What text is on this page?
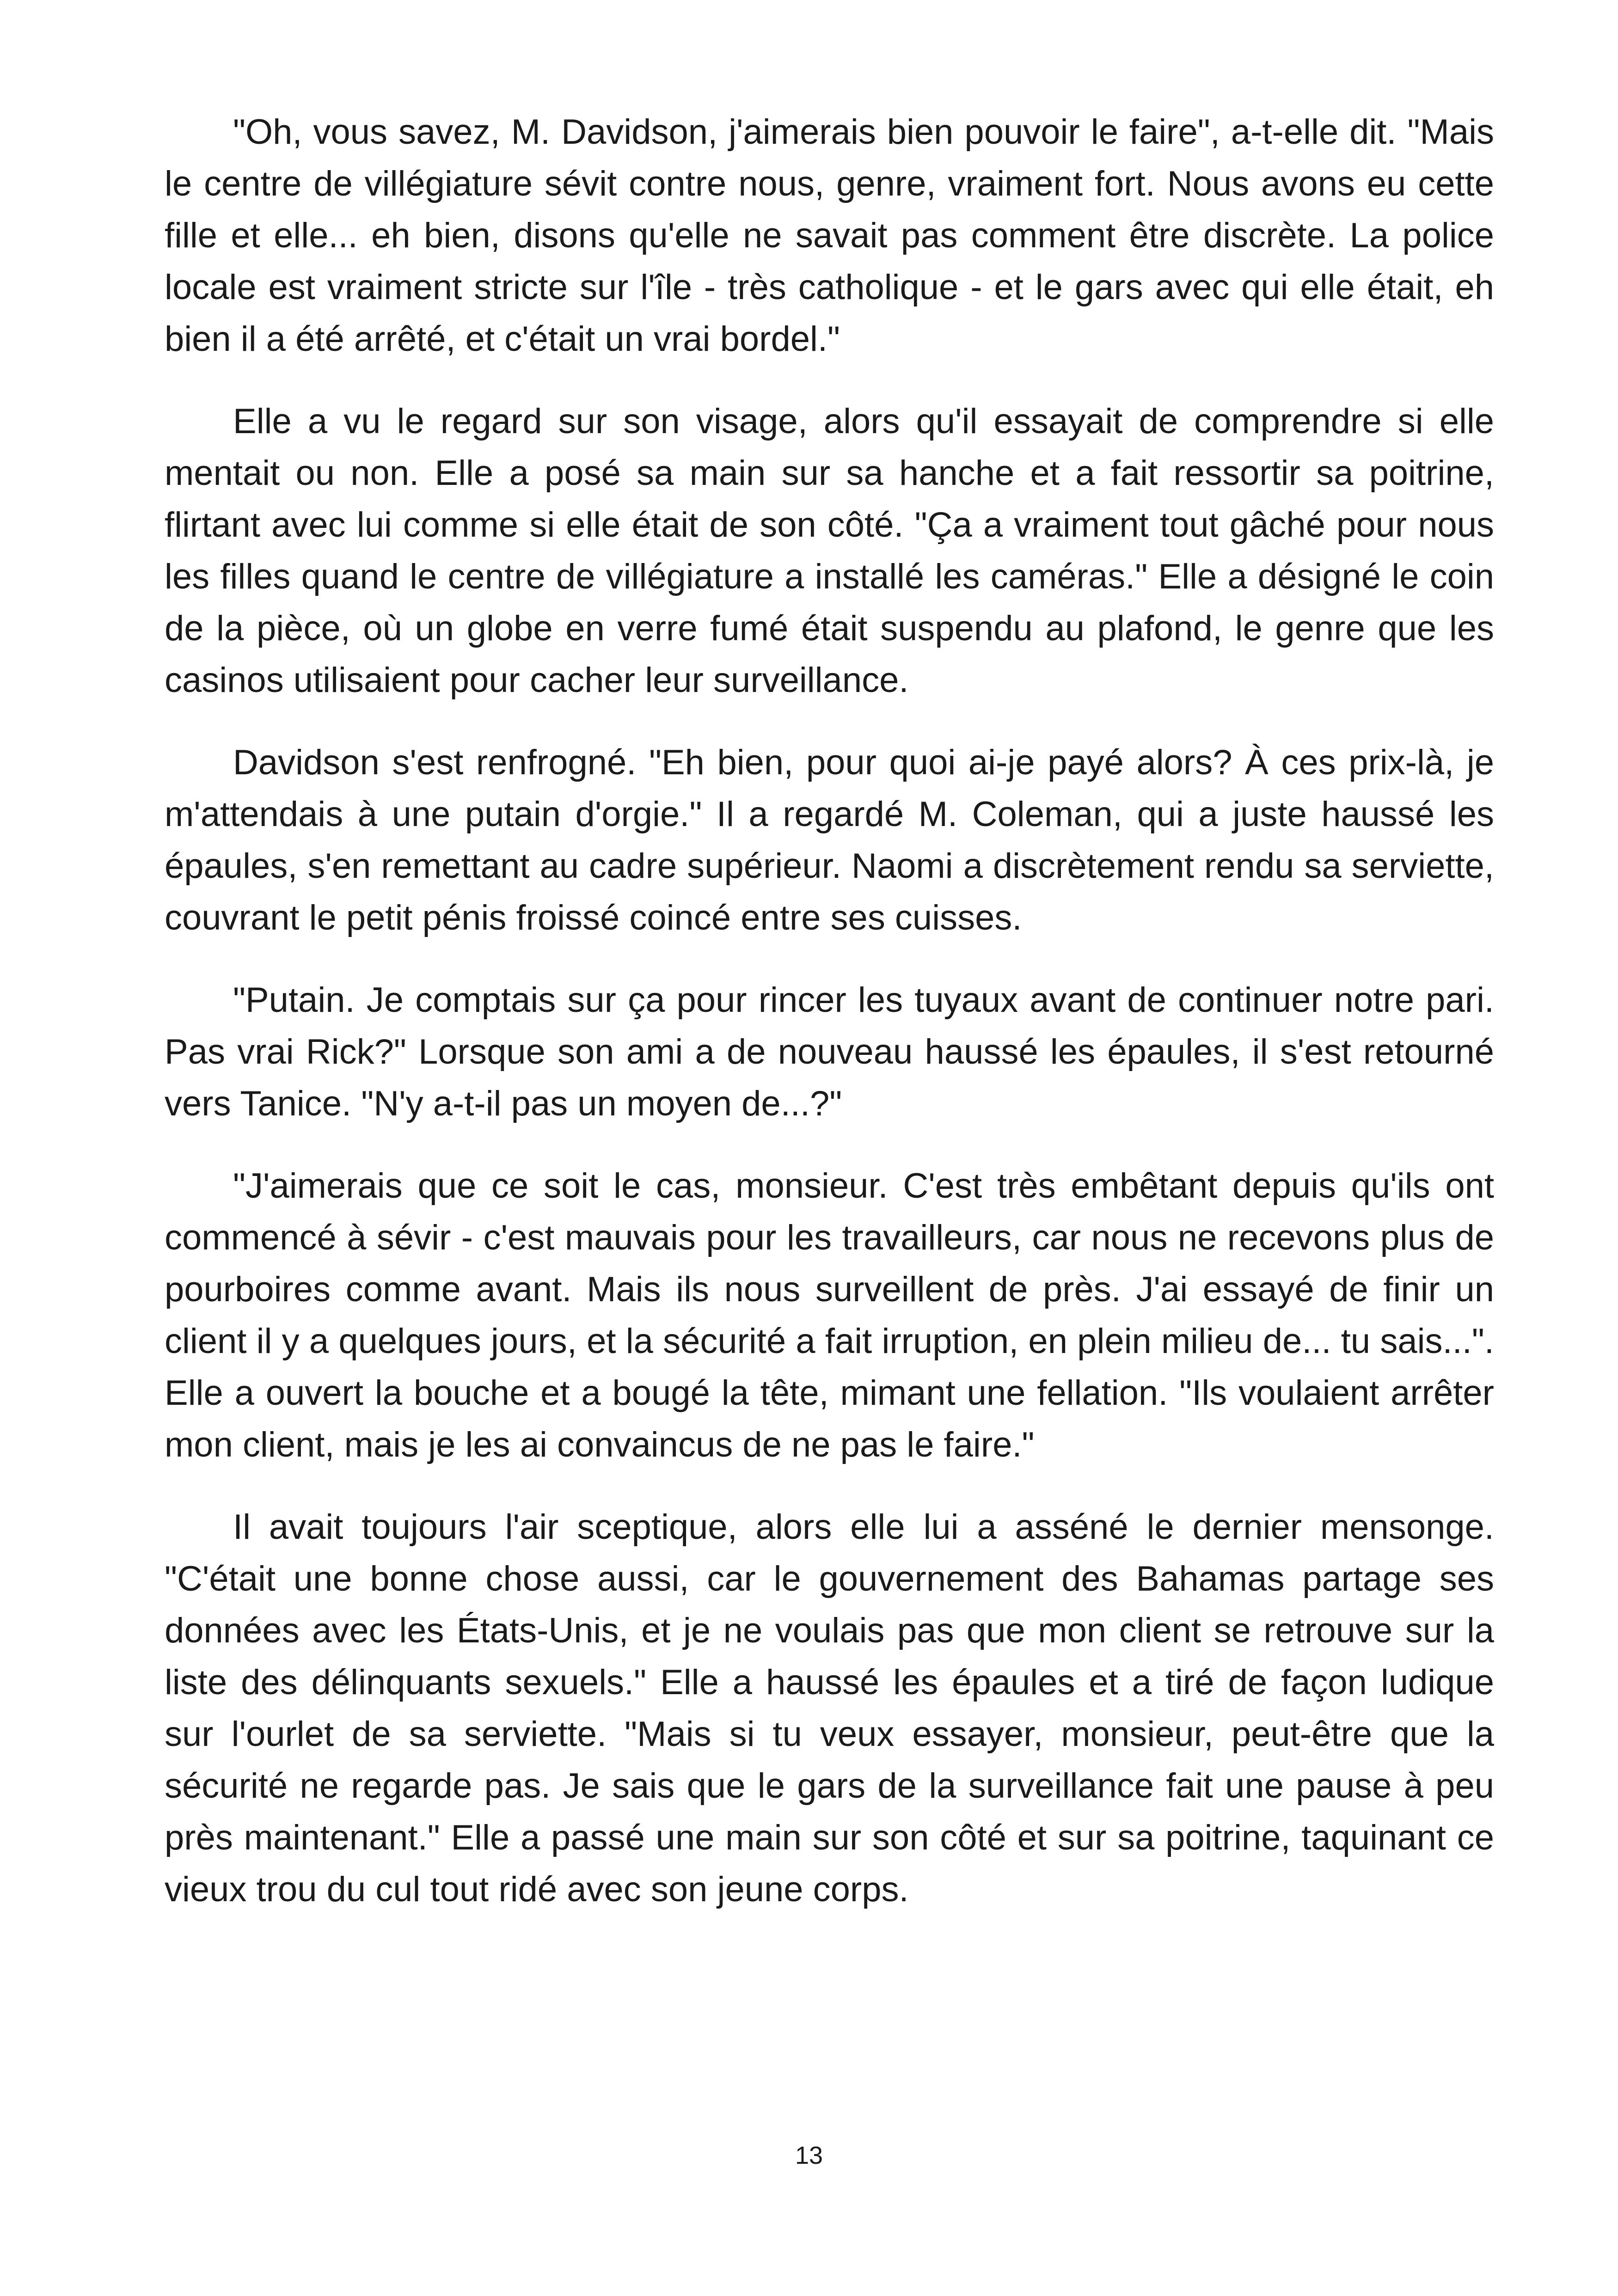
"Oh, vous savez, M. Davidson, j'aimerais bien pouvoir le faire", a-t-elle dit. "Mais le centre de villégiature sévit contre nous, genre, vraiment fort. Nous avons eu cette fille et elle... eh bien, disons qu'elle ne savait pas comment être discrète. La police locale est vraiment stricte sur l'île - très catholique - et le gars avec qui elle était, eh bien il a été arrêté, et c'était un vrai bordel."

Elle a vu le regard sur son visage, alors qu'il essayait de comprendre si elle mentait ou non. Elle a posé sa main sur sa hanche et a fait ressortir sa poitrine, flirtant avec lui comme si elle était de son côté. "Ça a vraiment tout gâché pour nous les filles quand le centre de villégiature a installé les caméras." Elle a désigné le coin de la pièce, où un globe en verre fumé était suspendu au plafond, le genre que les casinos utilisaient pour cacher leur surveillance.

Davidson s'est renfrogné. "Eh bien, pour quoi ai-je payé alors? À ces prix-là, je m'attendais à une putain d'orgie." Il a regardé M. Coleman, qui a juste haussé les épaules, s'en remettant au cadre supérieur. Naomi a discrètement rendu sa serviette, couvrant le petit pénis froissé coincé entre ses cuisses.

"Putain. Je comptais sur ça pour rincer les tuyaux avant de continuer notre pari. Pas vrai Rick?" Lorsque son ami a de nouveau haussé les épaules, il s'est retourné vers Tanice. "N'y a-t-il pas un moyen de...?"

"J'aimerais que ce soit le cas, monsieur. C'est très embêtant depuis qu'ils ont commencé à sévir - c'est mauvais pour les travailleurs, car nous ne recevons plus de pourboires comme avant. Mais ils nous surveillent de près. J'ai essayé de finir un client il y a quelques jours, et la sécurité a fait irruption, en plein milieu de... tu sais...". Elle a ouvert la bouche et a bougé la tête, mimant une fellation. "Ils voulaient arrêter mon client, mais je les ai convaincus de ne pas le faire."

Il avait toujours l'air sceptique, alors elle lui a asséné le dernier mensonge. "C'était une bonne chose aussi, car le gouvernement des Bahamas partage ses données avec les États-Unis, et je ne voulais pas que mon client se retrouve sur la liste des délinquants sexuels." Elle a haussé les épaules et a tiré de façon ludique sur l'ourlet de sa serviette. "Mais si tu veux essayer, monsieur, peut-être que la sécurité ne regarde pas. Je sais que le gars de la surveillance fait une pause à peu près maintenant." Elle a passé une main sur son côté et sur sa poitrine, taquinant ce vieux trou du cul tout ridé avec son jeune corps.

13
